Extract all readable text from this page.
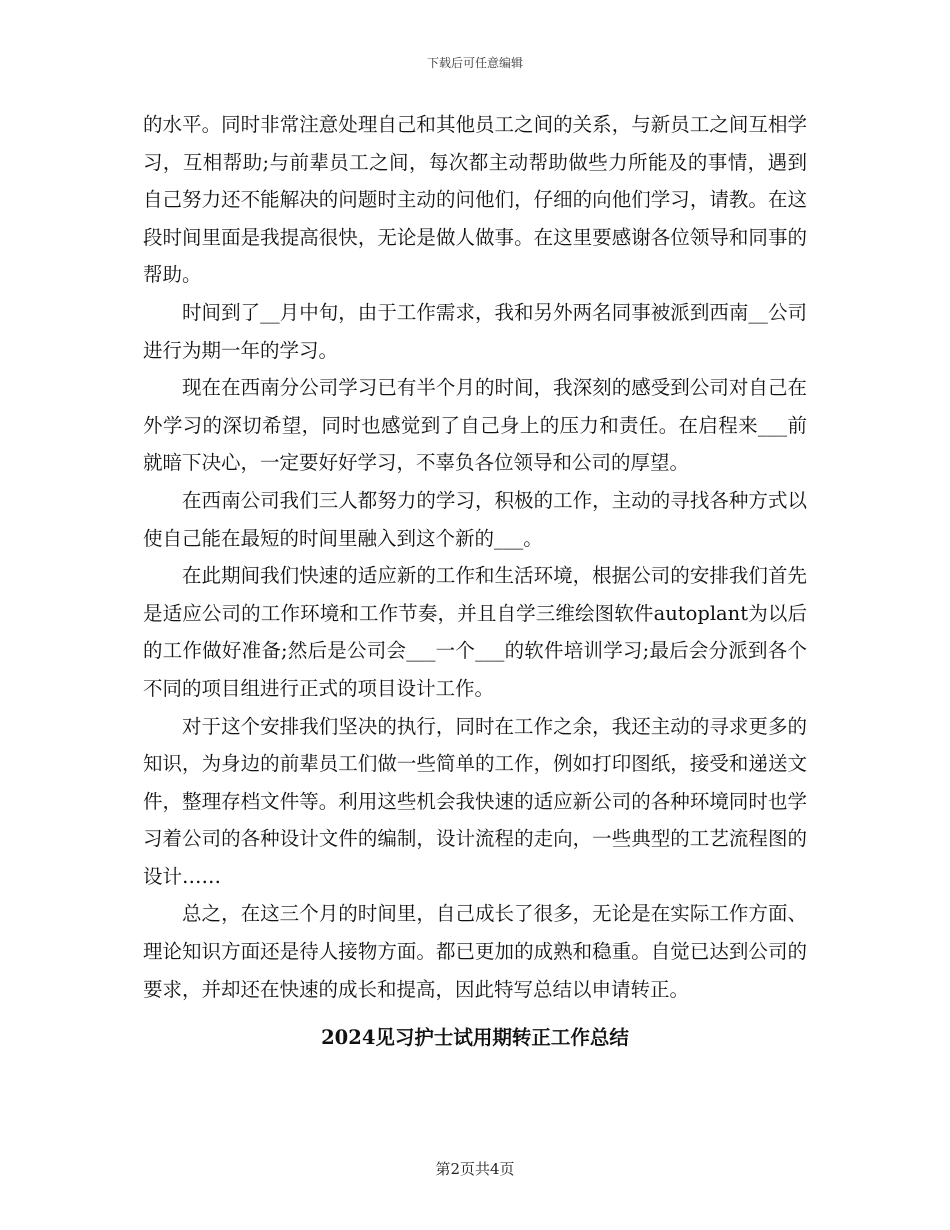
下载后可任意编辑

的水平。同时非常注意处理自己和其他员工之间的关系，与新员工之间互相学习，互相帮助;与前辈员工之间，每次都主动帮助做些力所能及的事情，遇到自己努力还不能解决的问题时主动的问他们，仔细的向他们学习，请教。在这段时间里面是我提高很快，无论是做人做事。在这里要感谢各位领导和同事的帮助。

时间到了__月中旬，由于工作需求，我和另外两名同事被派到西南__公司进行为期一年的学习。

现在在西南分公司学习已有半个月的时间，我深刻的感受到公司对自己在外学习的深切希望，同时也感觉到了自己身上的压力和责任。在启程来___前就暗下决心，一定要好好学习，不辜负各位领导和公司的厚望。

在西南公司我们三人都努力的学习，积极的工作，主动的寻找各种方式以使自己能在最短的时间里融入到这个新的___。

在此期间我们快速的适应新的工作和生活环境，根据公司的安排我们首先是适应公司的工作环境和工作节奏，并且自学三维绘图软件autoplant为以后的工作做好准备;然后是公司会___一个___的软件培训学习;最后会分派到各个不同的项目组进行正式的项目设计工作。

对于这个安排我们坚决的执行，同时在工作之余，我还主动的寻求更多的知识，为身边的前辈员工们做一些简单的工作，例如打印图纸，接受和递送文件，整理存档文件等。利用这些机会我快速的适应新公司的各种环境同时也学习着公司的各种设计文件的编制，设计流程的走向，一些典型的工艺流程图的设计……

总之，在这三个月的时间里，自己成长了很多，无论是在实际工作方面、理论知识方面还是待人接物方面。都已更加的成熟和稳重。自觉已达到公司的要求，并却还在快速的成长和提高，因此特写总结以申请转正。

2024见习护士试用期转正工作总结
第2页共4页
